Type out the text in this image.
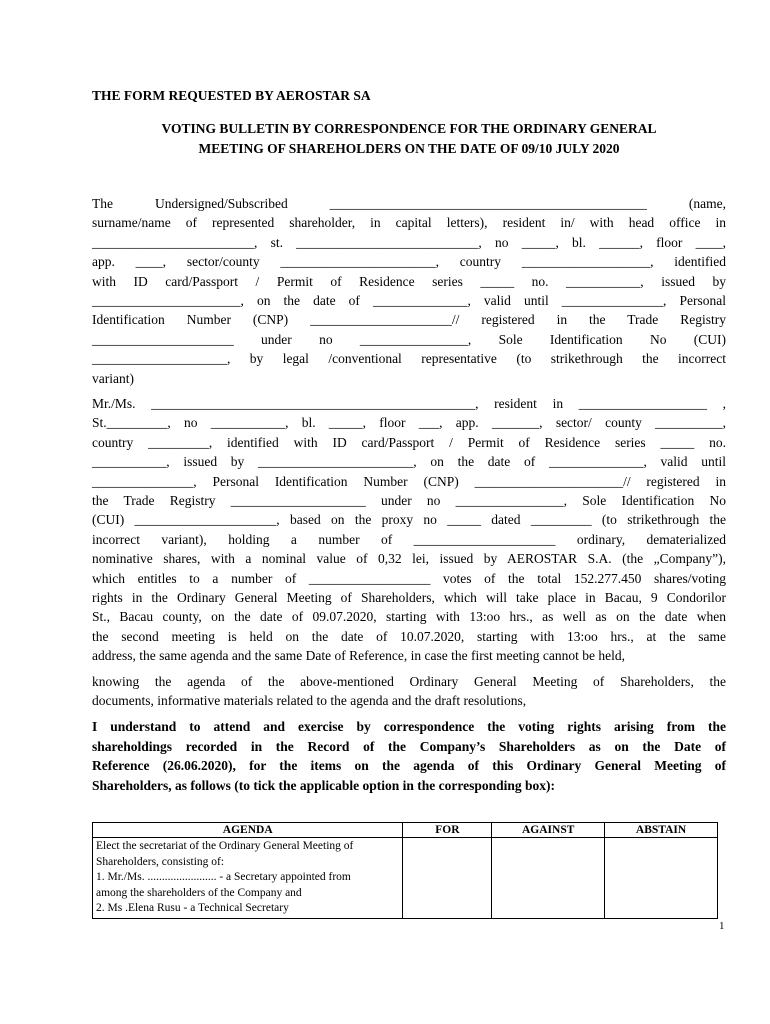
THE FORM REQUESTED BY AEROSTAR SA
VOTING BULLETIN BY CORRESPONDENCE FOR THE ORDINARY GENERAL
MEETING OF SHAREHOLDERS ON THE DATE OF 09/10 JULY 2020
The Undersigned/Subscribed _______________________________________________ (name,
surname/name of represented shareholder, in capital letters), resident in/ with head office in
________________________, st. ___________________________, no _____, bl. ______, floor ____,
app. ____, sector/county _______________________, country ___________________, identified
with ID card/Passport / Permit of Residence series _____ no. ___________, issued by
______________________, on the date of ______________, valid until _______________, Personal
Identification Number (CNP) _____________________// registered in the Trade Registry
_____________________ under no ________________, Sole Identification No (CUI)
____________________, by legal /conventional representative (to strikethrough the incorrect
variant)
Mr./Ms. ________________________________________________, resident in ___________________ ,
St._________, no ___________, bl. _____, floor ___, app. _______, sector/ county __________,
country _________, identified with ID card/Passport / Permit of Residence series _____ no.
___________, issued by _______________________, on the date of ______________, valid until
_______________, Personal Identification Number (CNP) ______________________// registered in
the Trade Registry ____________________ under no ________________, Sole Identification No
(CUI) _____________________, based on the proxy no _____ dated _________ (to strikethrough the
incorrect variant), holding a number of _____________________ ordinary, dematerialized
nominative shares, with a nominal value of 0,32 lei, issued by AEROSTAR S.A. (the „Company”),
which entitles to a number of __________________ votes of the total 152.277.450 shares/voting
rights in the Ordinary General Meeting of Shareholders, which will take place in Bacau, 9 Condorilor
St., Bacau county, on the date of 09.07.2020, starting with 13:oo hrs., as well as on the date when
the second meeting is held on the date of 10.07.2020, starting with 13:oo hrs., at the same
address, the same agenda and the same Date of Reference, in case the first meeting cannot be held,
knowing the agenda of the above-mentioned Ordinary General Meeting of Shareholders, the
documents, informative materials related to the agenda and the draft resolutions,
I understand to attend and exercise by correspondence the voting rights arising from the
shareholdings recorded in the Record of the Company’s Shareholders as on the Date of
Reference (26.06.2020), for the items on the agenda of this Ordinary General Meeting of
Shareholders, as follows (to tick the applicable option in the corresponding box):
AGENDA	FOR	AGAINST	ABSTAIN

Elect the secretariat of the Ordinary General Meeting of
Shareholders, consisting of:
1. Mr./Ms. ........................ - a Secretary appointed from
among the shareholders of the Company and
2. Ms .Elena Rusu - a Technical Secretary			

1
